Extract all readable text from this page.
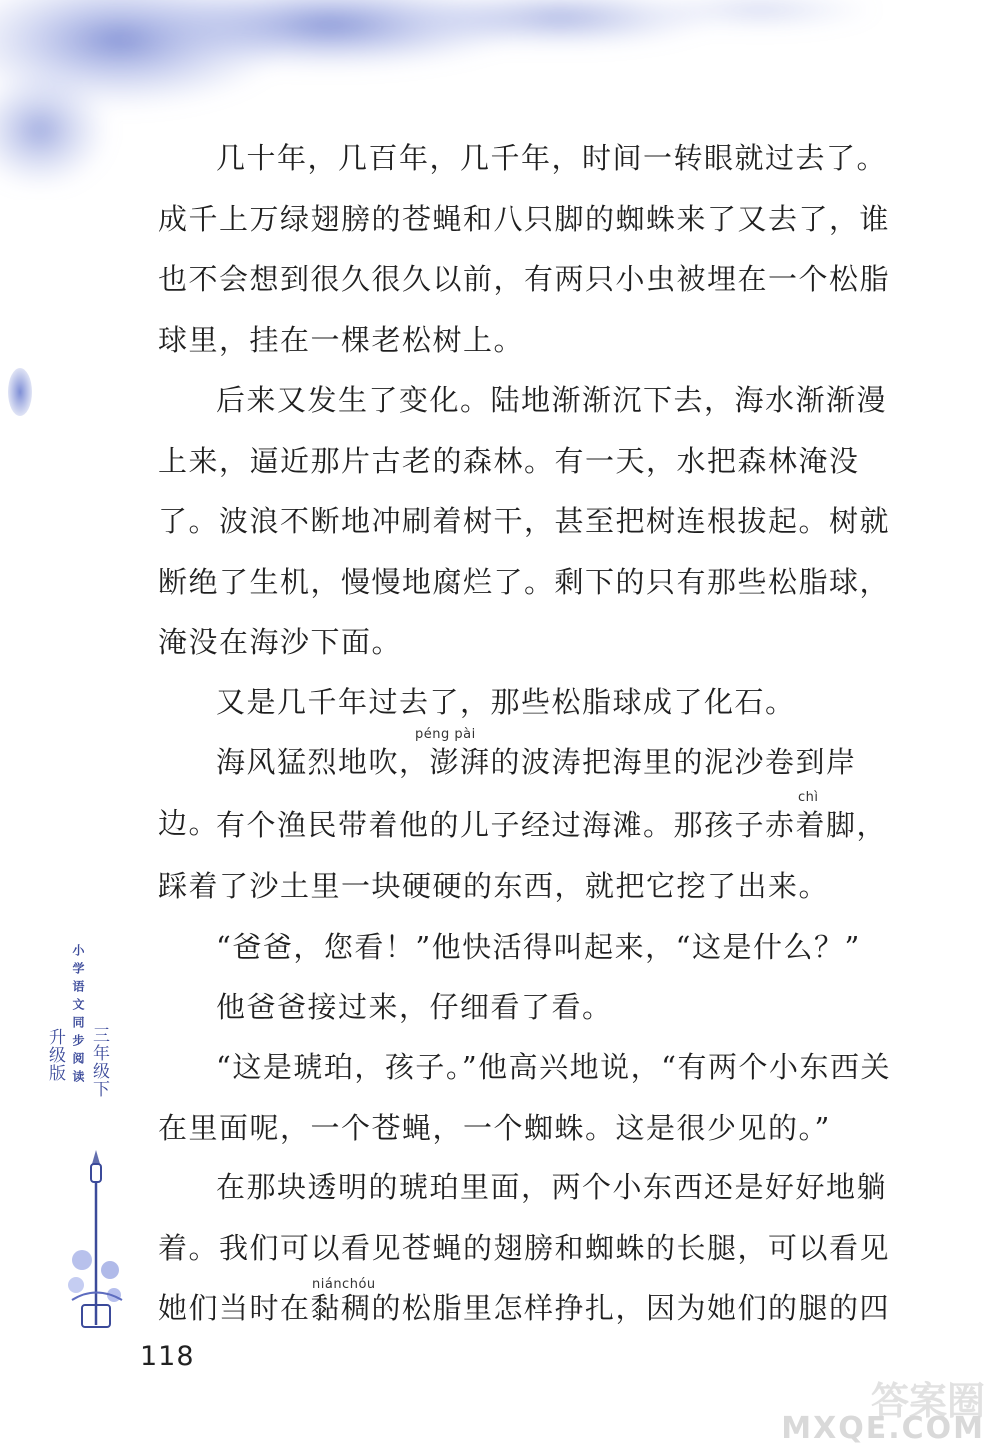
几十年，几百年，几千年，时间一转眼就过去了。成千上万绿翅膀的苍蝇和八只脚的蜘蛛来了又去了，谁也不会想到很久很久以前，有两只小虫被埋在一个松脂球里，挂在一棵老松树上。

后来又发生了变化。陆地渐渐沉下去，海水渐渐漫上来，逼近那片古老的森林。有一天，水把森林淹没了。波浪不断地冲刷着树干，甚至把树连根拔起。树就断绝了生机，慢慢地腐烂了。剩下的只有那些松脂球，淹没在海沙下面。

又是几千年过去了，那些松脂球成了化石。

péng pài

海风猛烈地吹，澎湃的波涛把海里的泥沙卷到岸边。

chì

有个渔民带着他的儿子经过海滩。那孩子赤着脚，踩着了沙土里一块硬硬的东西，就把它挖了出来。

“爸爸，您看！”他快活得叫起来，“这是什么？”

他爸爸接过来，仔细看了看。

“这是琥珀，孩子。”他高兴地说，“有两个小东西关在里面呢，一个苍蝇，一个蜘蛛。这是很少见的。”

niánchóu

在那块透明的琥珀里面，两个小东西还是好好地躺着。我们可以看见苍蝇的翅膀和蜘蛛的长腿，可以看见她们当时在黏稠的松脂里怎样挣扎，因为她们的腿的四

小学语文同步阅读
升级版 三年级下
118
答案圈
MXQE.COM
